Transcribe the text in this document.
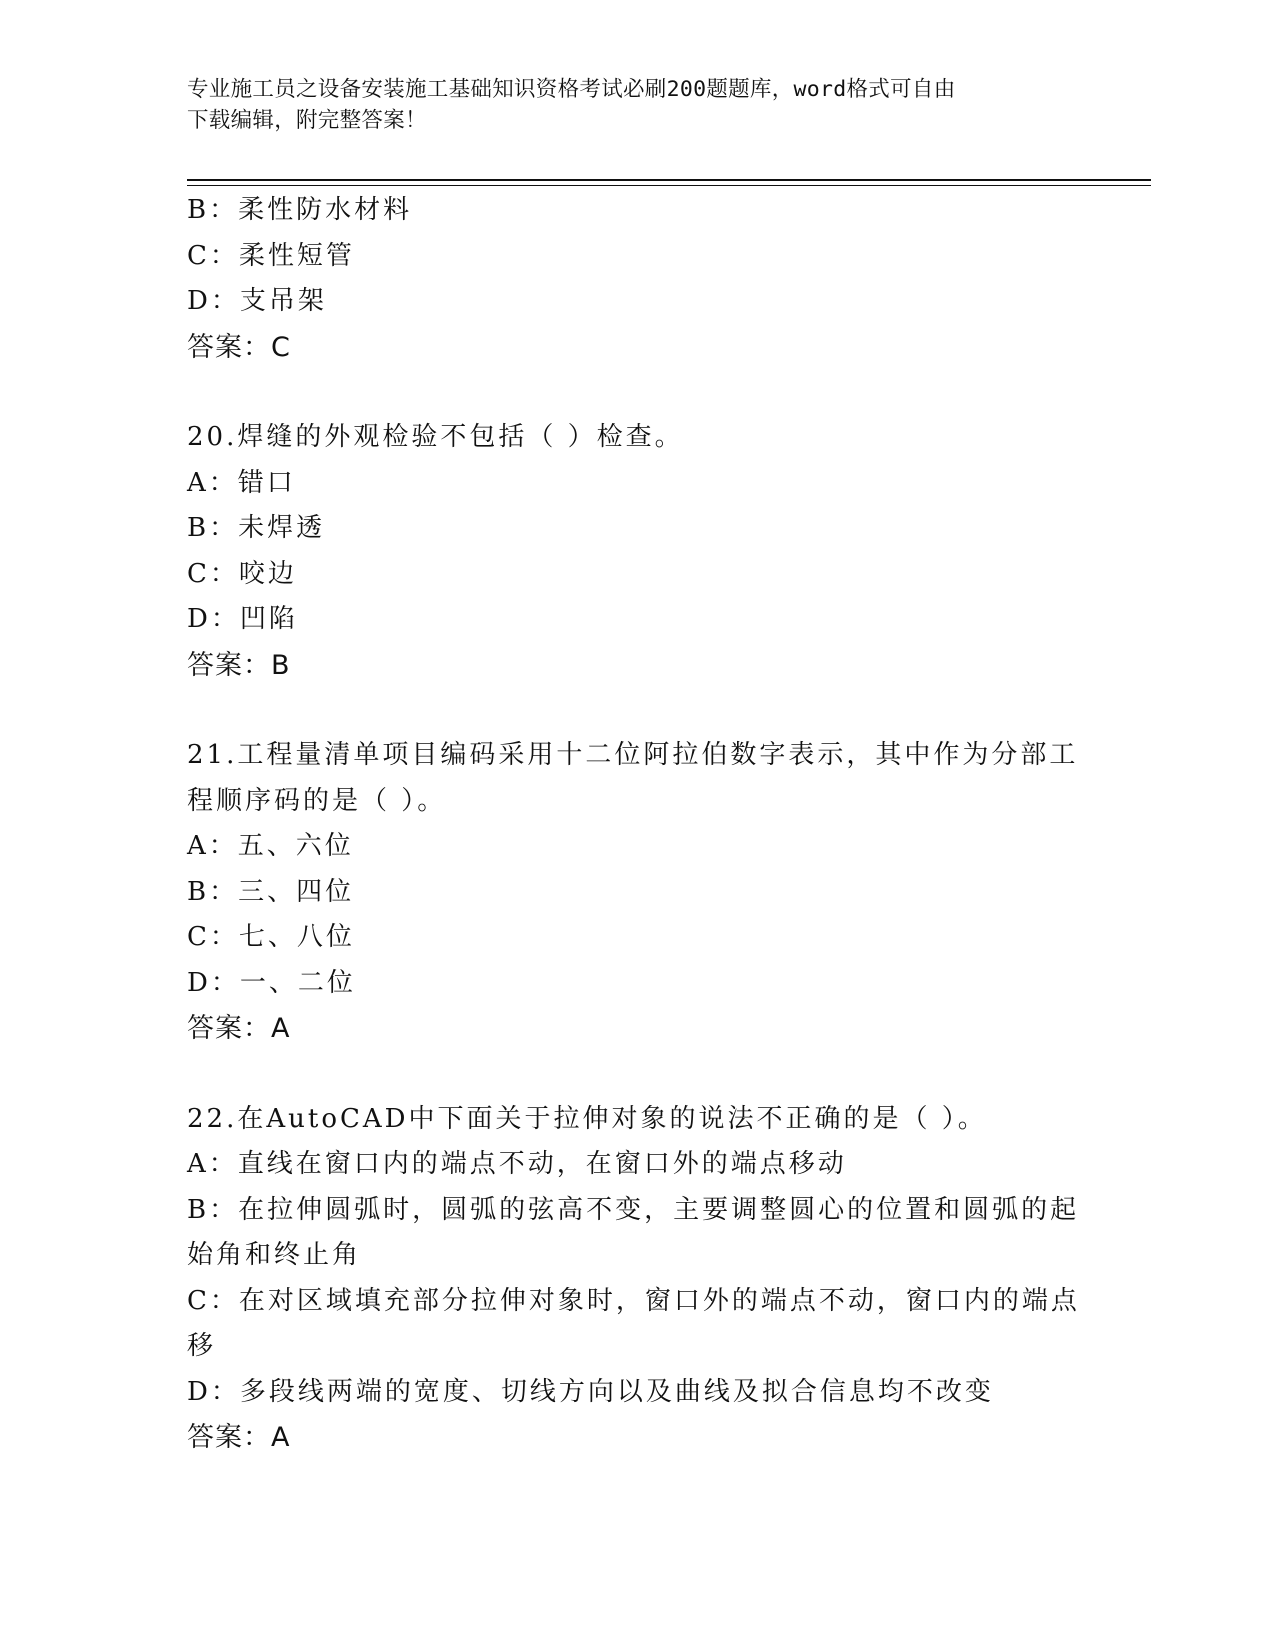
专业施工员之设备安装施工基础知识资格考试必刷200题题库，word格式可自由
下载编辑，附完整答案！
B：柔性防水材料
C：柔性短管
D：支吊架
答案：C
20.焊缝的外观检验不包括（ ）检查。
A：错口
B：未焊透
C：咬边
D：凹陷
答案：B
21.工程量清单项目编码采用十二位阿拉伯数字表示，其中作为分部工
程顺序码的是（ ）。
A：五、六位
B：三、四位
C：七、八位
D：一、二位
答案：A
22.在AutoCAD中下面关于拉伸对象的说法不正确的是（ ）。
A：直线在窗口内的端点不动，在窗口外的端点移动
B：在拉伸圆弧时，圆弧的弦高不变，主要调整圆心的位置和圆弧的起
始角和终止角
C：在对区域填充部分拉伸对象时，窗口外的端点不动，窗口内的端点
移
D：多段线两端的宽度、切线方向以及曲线及拟合信息均不改变
答案：A
